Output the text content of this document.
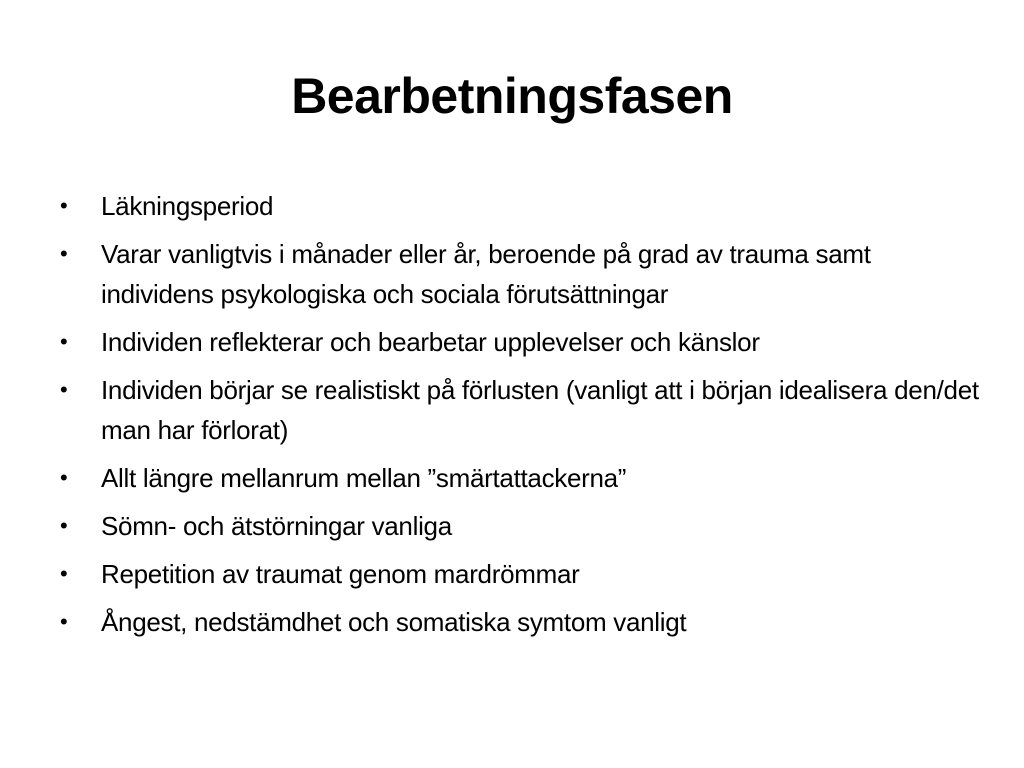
Bearbetningsfasen
• Läkningsperiod
• Varar vanligtvis i månader eller år, beroende på grad av trauma samt individens psykologiska och sociala förutsättningar
• Individen reflekterar och bearbetar upplevelser och känslor
• Individen börjar se realistiskt på förlusten (vanligt att i början idealisera den/det man har förlorat)
• Allt längre mellanrum mellan ”smärtattackerna”
• Sömn- och ätstörningar vanliga
• Repetition av traumat genom mardrömmar
• Ångest, nedstämdhet och somatiska symtom vanligt
